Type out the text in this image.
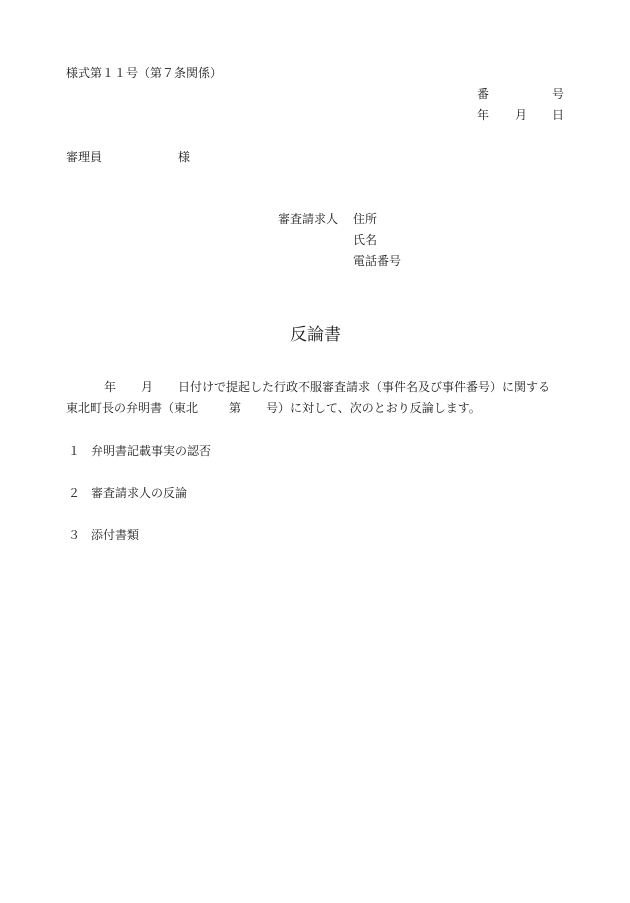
様式第１１号（第７条関係）
番	号
年 月 日
審理員	様
審査請求人 住所
氏名
電話番号
反論書
年 月 日付けで提起した行政不服審査請求（事件名及び事件番号）に関する
東北町長の弁明書（東北	第 号）に対して、次のとおり反論します。
１ 弁明書記載事実の認否
２ 審査請求人の反論
３ 添付書類
